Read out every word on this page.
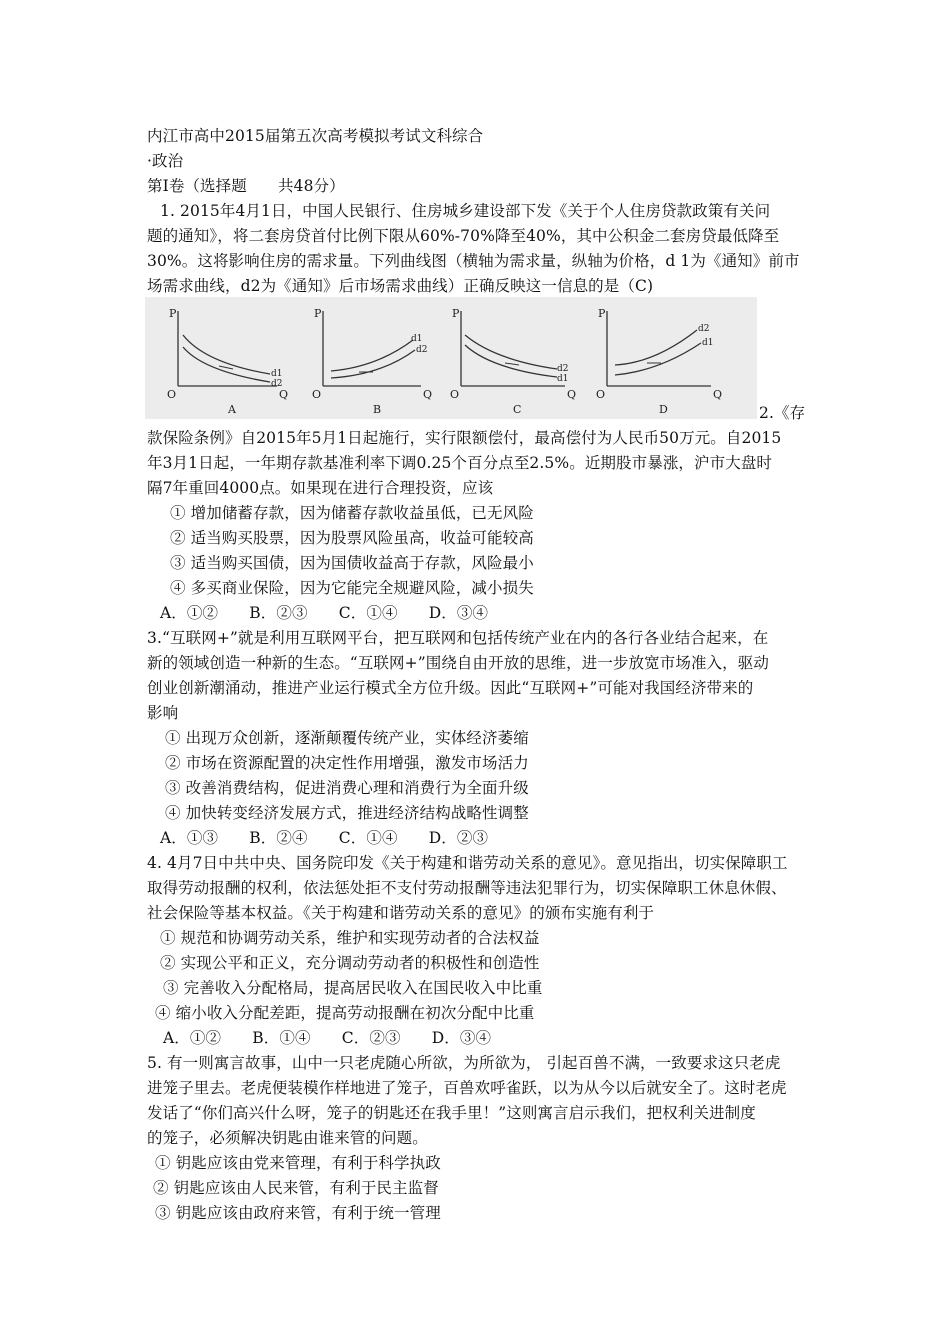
内江市高中2015届第五次高考模拟考试文科综合
·政治
第Ⅰ卷（选择题　　共48分）
1. 2015年4月1日，中国人民银行、住房城乡建设部下发《关于个人住房贷款政策有关问
题的通知》，将二套房贷首付比例下限从60%-70%降至40%，其中公积金二套房贷最低降至
30%。这将影响住房的需求量。下列曲线图（横轴为需求量，纵轴为价格，d 1为《通知》前市
场需求曲线，d2为《通知》后市场需求曲线）正确反映这一信息的是（C)
P
O	Q
d1
d2
A
P
O	Q
d1
d2
B
P
O	Q
d2
d1
C
P
O	Q
d2
d1
D	2.《存
款保险条例》自2015年5月1日起施行，实行限额偿付，最高偿付为人民币50万元。自2015
年3月1日起，一年期存款基准利率下调0.25个百分点至2.5%。近期股市暴涨，沪市大盘时
隔7年重回4000点。如果现在进行合理投资，应该
① 增加储蓄存款，因为储蓄存款收益虽低，已无风险
② 适当购买股票，因为股票风险虽高，收益可能较高
③ 适当购买国债，因为国债收益高于存款，风险最小
④ 多买商业保险，因为它能完全规避风险，减小损失
A．①②　　B．②③　　C．①④　　D．③④
3.“互联网+”就是利用互联网平台，把互联网和包括传统产业在内的各行各业结合起来，在
新的领域创造一种新的生态。“互联网+”围绕自由开放的思维，进一步放宽市场准入，驱动
创业创新潮涌动，推进产业运行模式全方位升级。因此“互联网+”可能对我国经济带来的
影响
① 出现万众创新，逐渐颠覆传统产业，实体经济萎缩
② 市场在资源配置的决定性作用增强，激发市场活力
③ 改善消费结构，促进消费心理和消费行为全面升级
④ 加快转变经济发展方式，推进经济结构战略性调整
A．①③　　B．②④　　C．①④　　D．②③
4. 4月7日中共中央、国务院印发《关于构建和谐劳动关系的意见》。意见指出，切实保障职工
取得劳动报酬的权利，依法惩处拒不支付劳动报酬等违法犯罪行为，切实保障职工休息休假、
社会保险等基本权益。《关于构建和谐劳动关系的意见》的颁布实施有利于
① 规范和协调劳动关系，维护和实现劳动者的合法权益
② 实现公平和正义，充分调动劳动者的积极性和创造性
③ 完善收入分配格局，提高居民收入在国民收入中比重
④ 缩小收入分配差距，提高劳动报酬在初次分配中比重
A．①②　　B．①④　　C．②③　　D．③④
5. 有一则寓言故事，山中一只老虎随心所欲，为所欲为， 引起百兽不满，一致要求这只老虎
进笼子里去。老虎便装模作样地进了笼子，百兽欢呼雀跃，以为从今以后就安全了。这时老虎
发话了“你们高兴什么呀，笼子的钥匙还在我手里！”这则寓言启示我们，把权利关进制度
的笼子，必须解决钥匙由谁来管的问题。
① 钥匙应该由党来管理，有利于科学执政
② 钥匙应该由人民来管，有利于民主监督
③ 钥匙应该由政府来管，有利于统一管理
